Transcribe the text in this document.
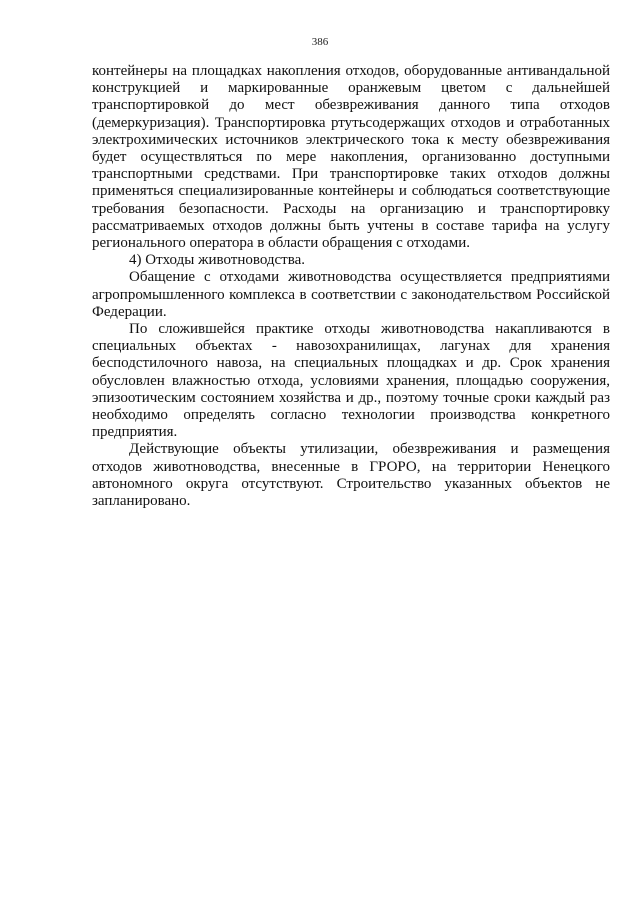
386

контейнеры на площадках накопления отходов, оборудованные антивандальной конструкцией и маркированные оранжевым цветом с дальнейшей транспортировкой до мест обезвреживания данного типа отходов (демеркуризация). Транспортировка ртутьсодержащих отходов и отработанных электрохимических источников электрического тока к месту обезвреживания будет осуществляться по мере накопления, организованно доступными транспортными средствами. При транспортировке таких отходов должны применяться специализированные контейнеры и соблюдаться соответствующие требования безопасности. Расходы на организацию и транспортировку рассматриваемых отходов должны быть учтены в составе тарифа на услугу регионального оператора в области обращения с отходами.

4) Отходы животноводства.

Обащение с отходами животноводства осуществляется предприятиями агропромышленного комплекса в соответствии с законодательством Российской Федерации.

По сложившейся практике отходы животноводства накапливаются в специальных объектах - навозохранилищах, лагунах для хранения бесподстилочного навоза, на специальных площадках и др. Срок хранения обусловлен влажностью отхода, условиями хранения, площадью сооружения, эпизоотическим состоянием хозяйства и др., поэтому точные сроки каждый раз необходимо определять согласно технологии производства конкретного предприятия.

Действующие объекты утилизации, обезвреживания и размещения отходов животноводства, внесенные в ГРОРО, на территории Ненецкого автономного округа отсутствуют. Строительство указанных объектов не запланировано.
